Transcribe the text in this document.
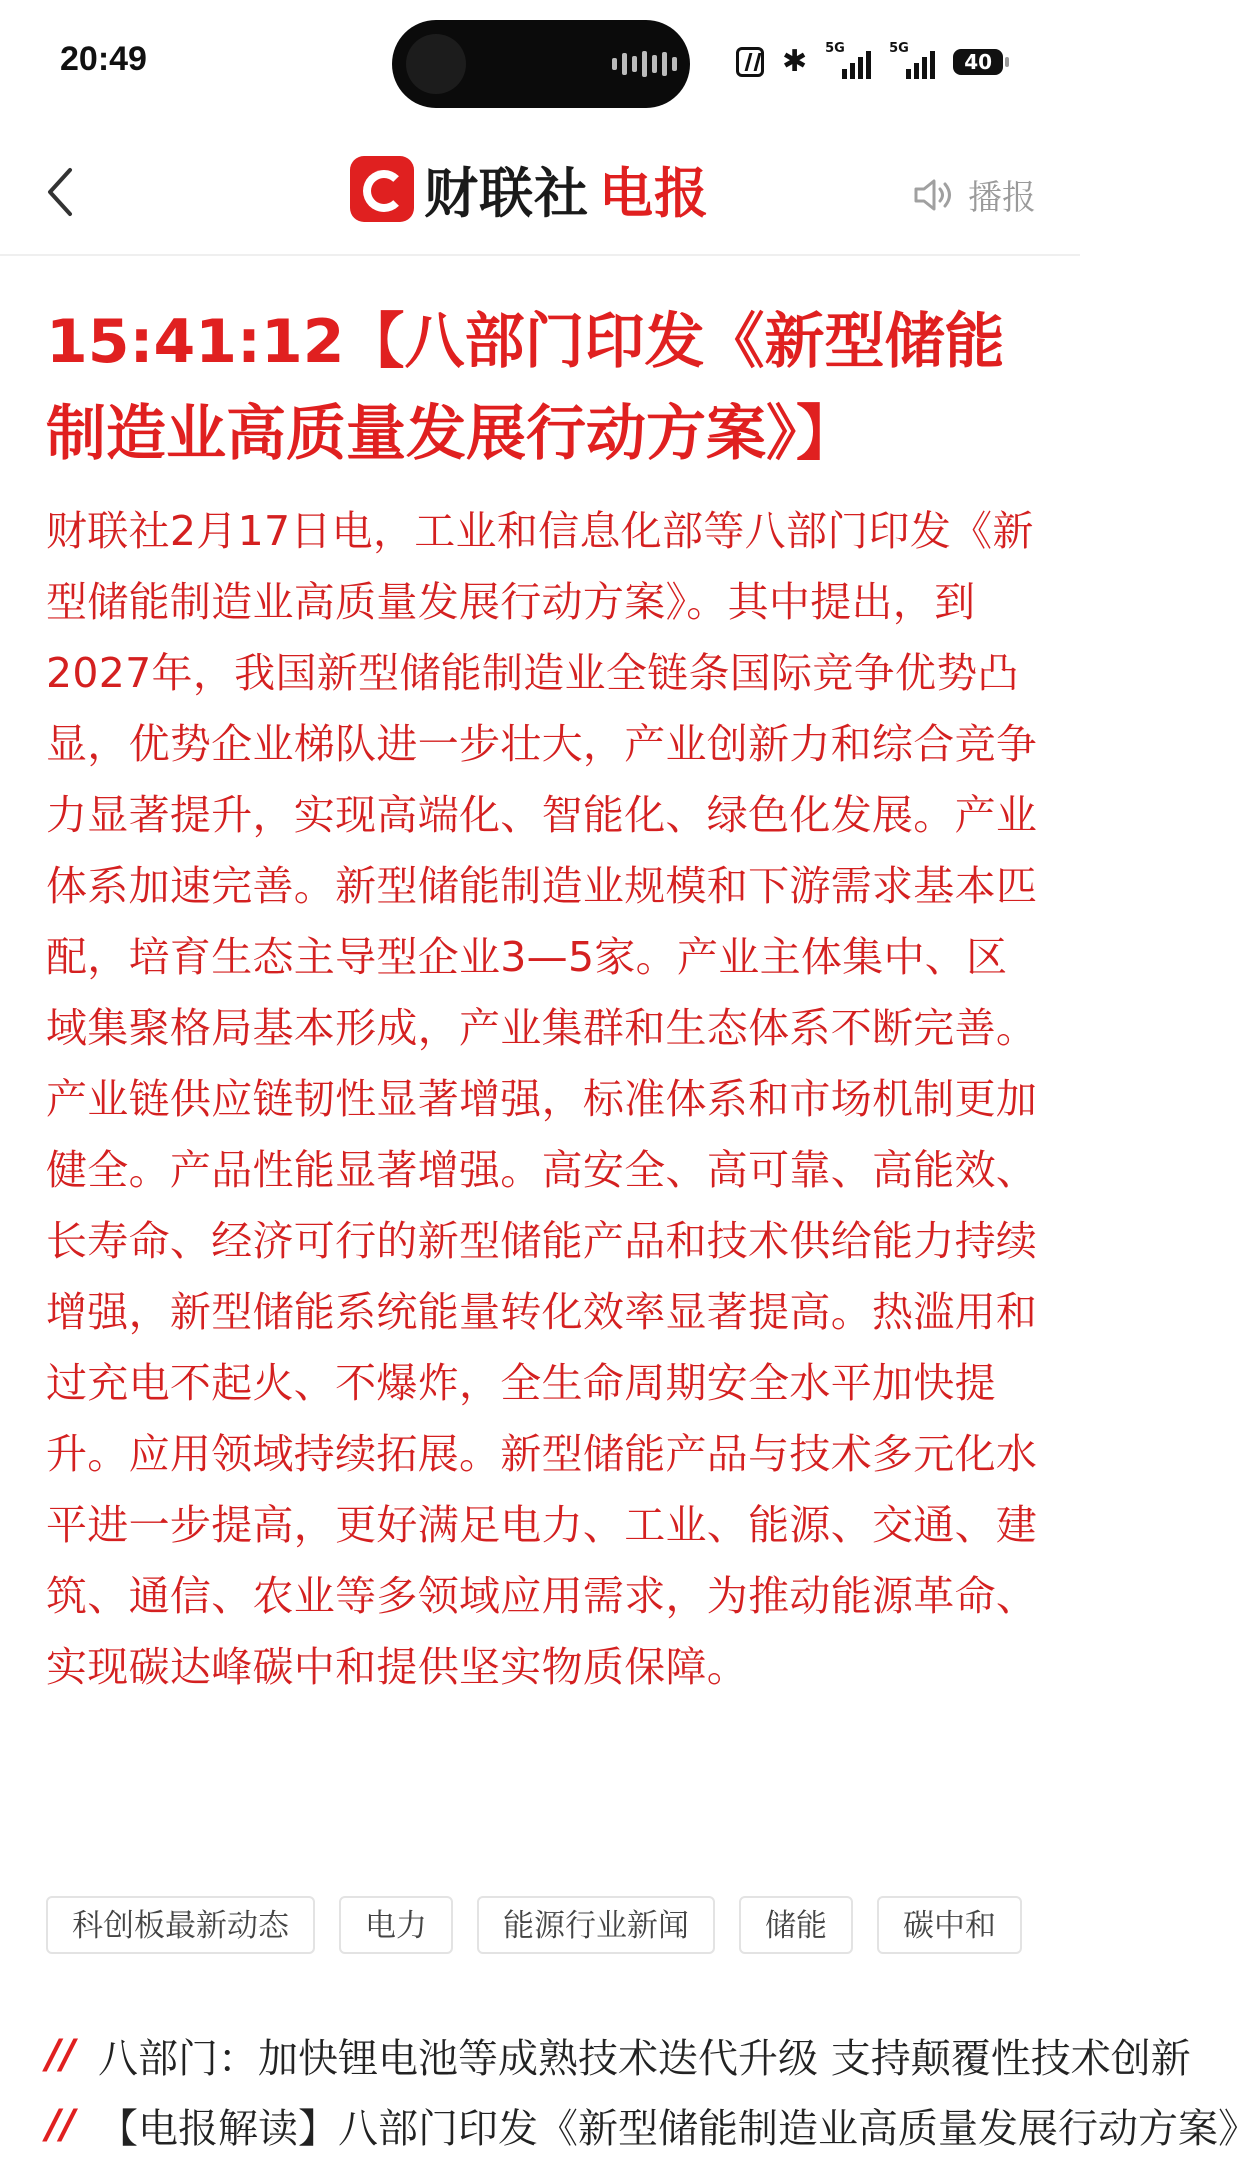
20:49	✱ 5G	5G
40
财联社 电报	播报
15:41:12【八部门印发《新型储能制造业高质量发展行动方案》】
财联社2月17日电，工业和信息化部等八部门印发《新型储能制造业高质量发展行动方案》。其中提出，到2027年，我国新型储能制造业全链条国际竞争优势凸显，优势企业梯队进一步壮大，产业创新力和综合竞争力显著提升，实现高端化、智能化、绿色化发展。产业体系加速完善。新型储能制造业规模和下游需求基本匹配，培育生态主导型企业3—5家。产业主体集中、区域集聚格局基本形成，产业集群和生态体系不断完善。产业链供应链韧性显著增强，标准体系和市场机制更加健全。产品性能显著增强。高安全、高可靠、高能效、长寿命、经济可行的新型储能产品和技术供给能力持续增强，新型储能系统能量转化效率显著提高。热滥用和过充电不起火、不爆炸，全生命周期安全水平加快提升。应用领域持续拓展。新型储能产品与技术多元化水平进一步提高，更好满足电力、工业、能源、交通、建筑、通信、农业等多领域应用需求，为推动能源革命、实现碳达峰碳中和提供坚实物质保障。
科创板最新动态	电力	能源行业新闻	储能	碳中和
// 八部门：加快锂电池等成熟技术迭代升级 支持颠覆性技术创新
// 【电报解读】八部门印发《新型储能制造业高质量发展行动方案》
